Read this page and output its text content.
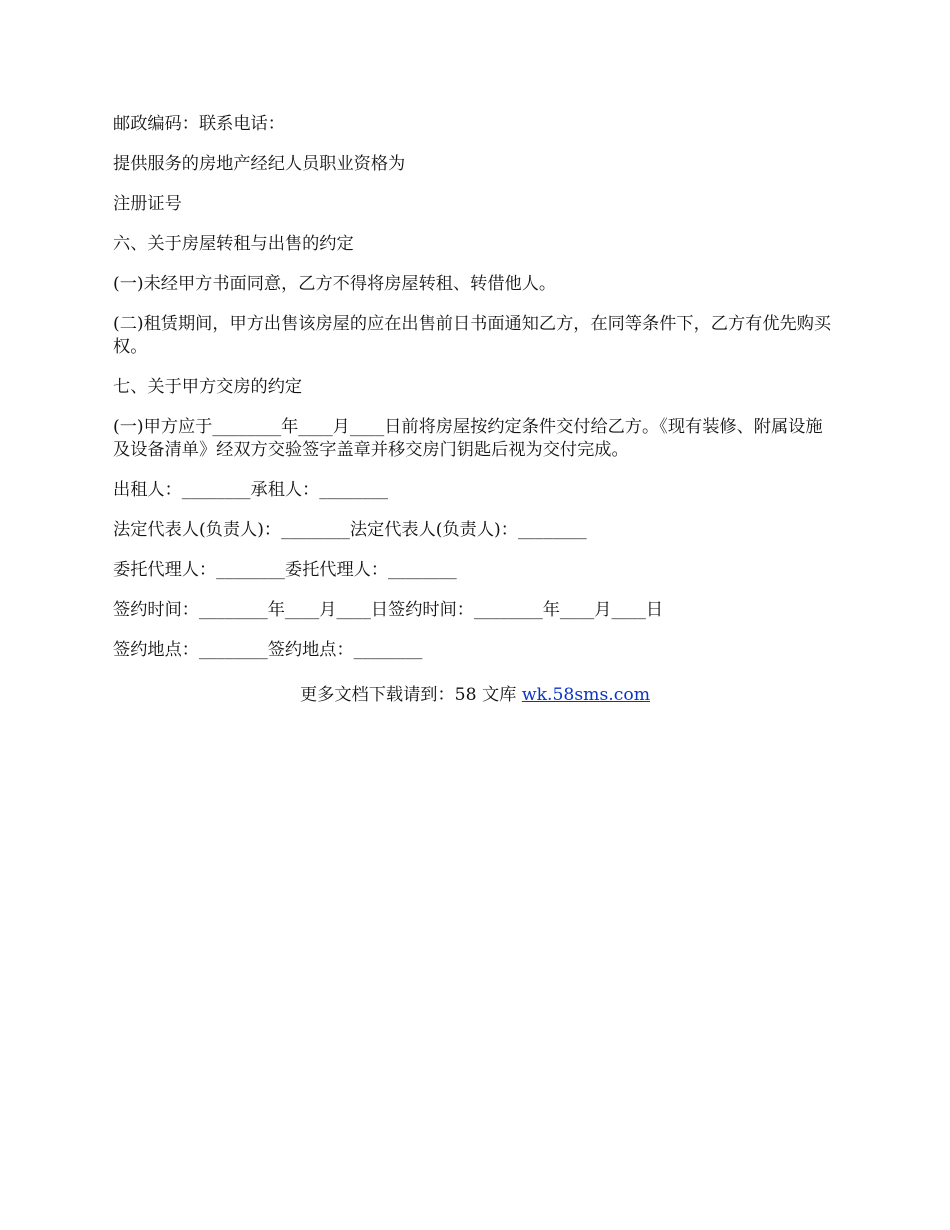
邮政编码：联系电话：

提供服务的房地产经纪人员职业资格为

注册证号

六、关于房屋转租与出售的约定

(一)未经甲方书面同意，乙方不得将房屋转租、转借他人。

(二)租赁期间，甲方出售该房屋的应在出售前日书面通知乙方，在同等条件下，乙方有优先购买权。

七、关于甲方交房的约定

(一)甲方应于________年____月____日前将房屋按约定条件交付给乙方。《现有装修、附属设施及设备清单》经双方交验签字盖章并移交房门钥匙后视为交付完成。

出租人：________承租人：________

法定代表人(负责人)：________法定代表人(负责人)：________

委托代理人：________委托代理人：________

签约时间：________年____月____日签约时间：________年____月____日

签约地点：________签约地点：________

更多文档下载请到：58 文库 wk.58sms.com
